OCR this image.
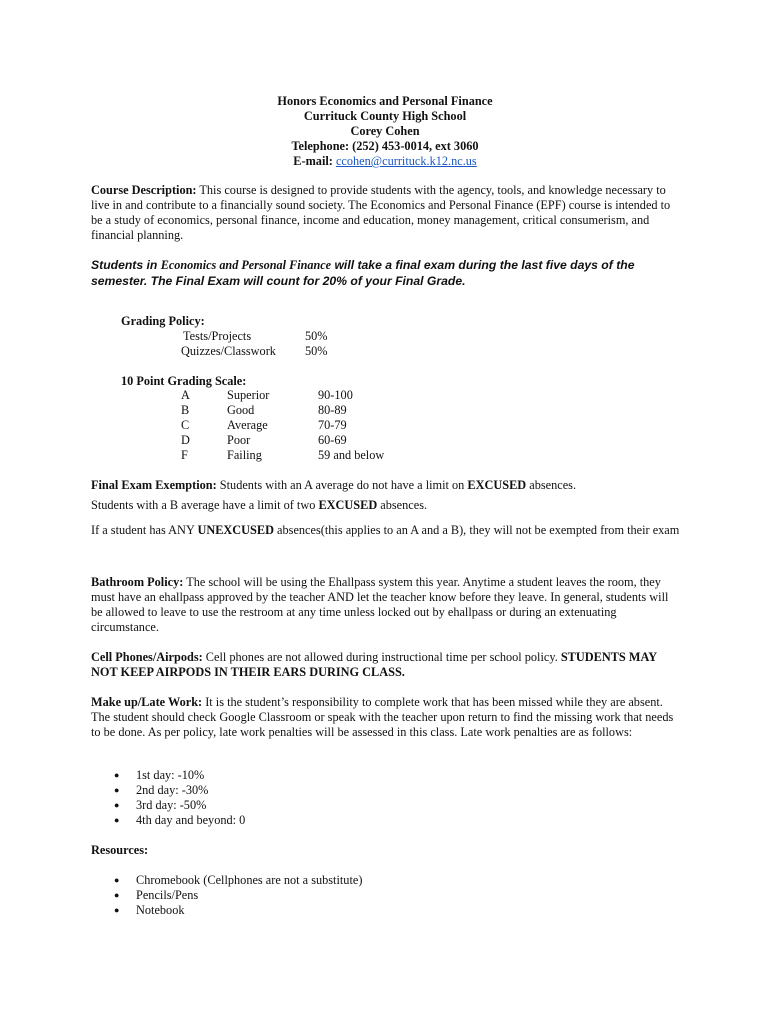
Honors Economics and Personal Finance
Currituck County High School
Corey Cohen
Telephone: (252) 453-0014, ext 3060
E-mail: ccohen@currituck.k12.nc.us
Course Description: This course is designed to provide students with the agency, tools, and knowledge necessary to live in and contribute to a financially sound society. The Economics and Personal Finance (EPF) course is intended to be a study of economics, personal finance, income and education, money management, critical consumerism, and financial planning.
Students in Economics and Personal Finance will take a final exam during the last five days of the semester. The Final Exam will count for 20% of your Final Grade.
Grading Policy:
Tests/Projects	50%
Quizzes/Classwork 50%
10 Point Grading Scale:
A	Superior	90-100
B	Good	80-89
C	Average	70-79
D	Poor	60-69
F	Failing	59 and below
Final Exam Exemption: Students with an A average do not have a limit on EXCUSED absences.
Students with a B average have a limit of two EXCUSED absences.
If a student has ANY UNEXCUSED absences(this applies to an A and a B), they will not be exempted from their exam
Bathroom Policy: The school will be using the Ehallpass system this year. Anytime a student leaves the room, they must have an ehallpass approved by the teacher AND let the teacher know before they leave. In general, students will be allowed to leave to use the restroom at any time unless locked out by ehallpass or during an extenuating circumstance.
Cell Phones/Airpods: Cell phones are not allowed during instructional time per school policy. STUDENTS MAY NOT KEEP AIRPODS IN THEIR EARS DURING CLASS.
Make up/Late Work: It is the student’s responsibility to complete work that has been missed while they are absent. The student should check Google Classroom or speak with the teacher upon return to find the missing work that needs to be done. As per policy, late work penalties will be assessed in this class. Late work penalties are as follows:
● 1st day: -10%
● 2nd day: -30%
● 3rd day: -50%
● 4th day and beyond: 0
Resources:
● Chromebook (Cellphones are not a substitute)
● Pencils/Pens
● Notebook
